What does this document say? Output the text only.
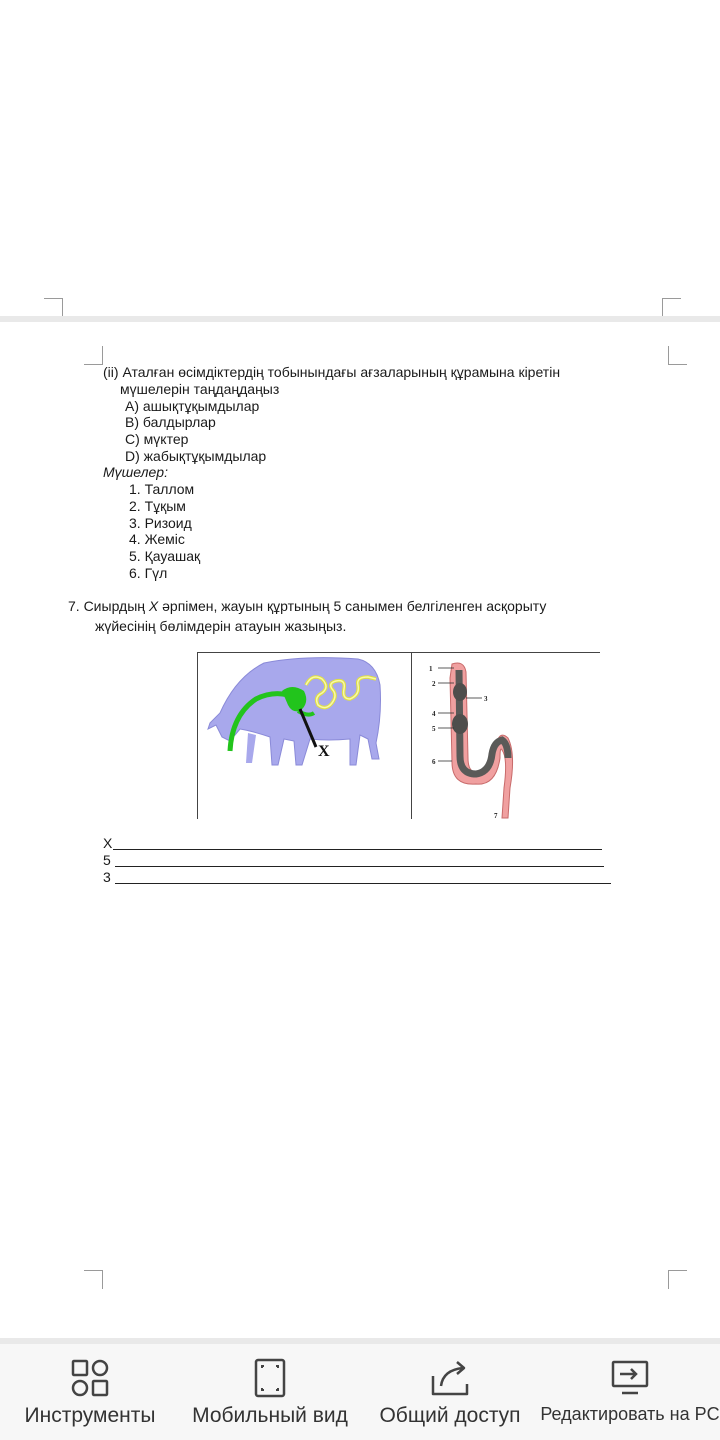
(ii) Аталған өсімдіктердің тобынындағы ағзаларының құрамына кіретін
мүшелерін таңдаңдаңыз
A) ашықтұқымдылар
B) балдырлар
C) мүктер
D) жабықтұқымдылар
Мүшелер:
1. Таллом
2. Тұқым
3. Ризоид
4. Жеміс
5. Қауашақ
6. Гүл
7. Сиырдың X әрпімен, жауын құртының 5 санымен белгіленген асқорыту
жүйесінің бөлімдерін атауын жазыңыз.
X
1
2
3
4
5
6
7
X
5
3
Инструменты Мобильный вид Общий доступ Редактировать на PC
